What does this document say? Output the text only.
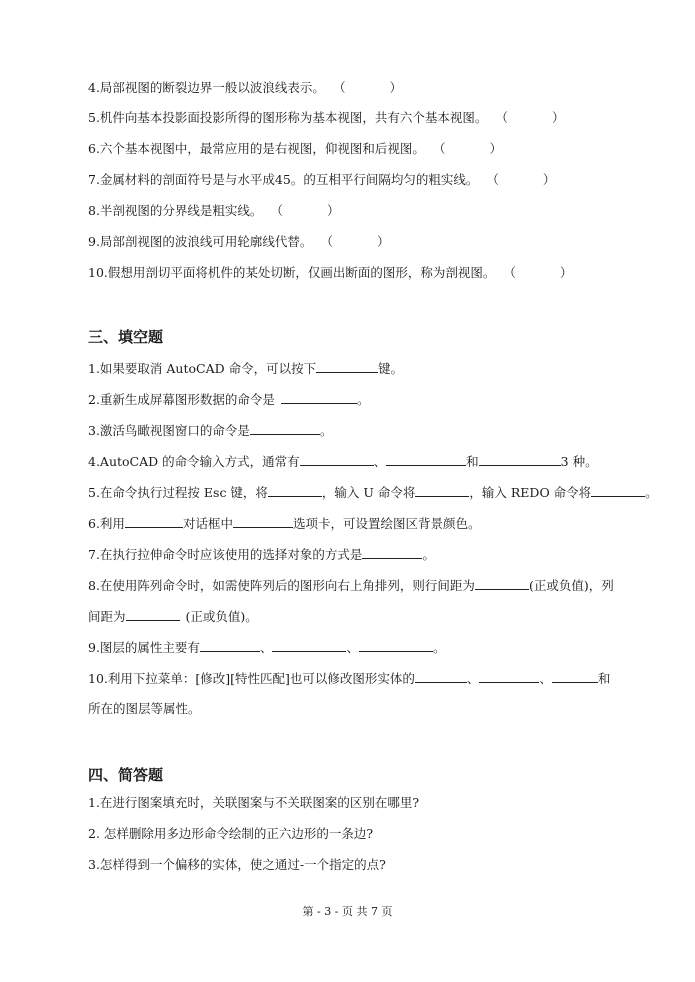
4.局部视图的断裂边界一般以波浪线表示。 （	）
5.机件向基本投影面投影所得的图形称为基本视图，共有六个基本视图。 （	）
6.六个基本视图中，最常应用的是右视图，仰视图和后视图。 （	）
7.金属材料的剖面符号是与水平成45。的互相平行间隔均匀的粗实线。 （	）
8.半剖视图的分界线是粗实线。 （	）
9.局部剖视图的波浪线可用轮廓线代替。 （	）
10.假想用剖切平面将机件的某处切断，仅画出断面的图形，称为剖视图。 （	）
三、填空题
1.如果要取消 AutoCAD 命令，可以按下	键。
2.重新生成屏幕图形数据的命令是	。
3.激活鸟瞰视图窗口的命令是	。
4.AutoCAD 的命令输入方式，通常有	、	和	3 种。
5.在命令执行过程按 Esc 键，将	，输入 U 命令将	，输入 REDO 命令将	。
6.利用	对话框中	选项卡，可设置绘图区背景颜色。
7.在执行拉伸命令时应该使用的选择对象的方式是	。
8.在使用阵列命令时，如需使阵列后的图形向右上角排列，则行间距为	(正或负值)，列
间距为	(正或负值)。
9.图层的属性主要有	、	、	。
10.利用下拉菜单：[修改][特性匹配]也可以修改图形实体的	、	、	和
所在的图层等属性。
四、简答题
1.在进行图案填充时，关联图案与不关联图案的区别在哪里?
2. 怎样删除用多边形命令绘制的正六边形的一条边?
3.怎样得到一个偏移的实体，使之通过-一个指定的点?
第 - 3 - 页 共 7 页
